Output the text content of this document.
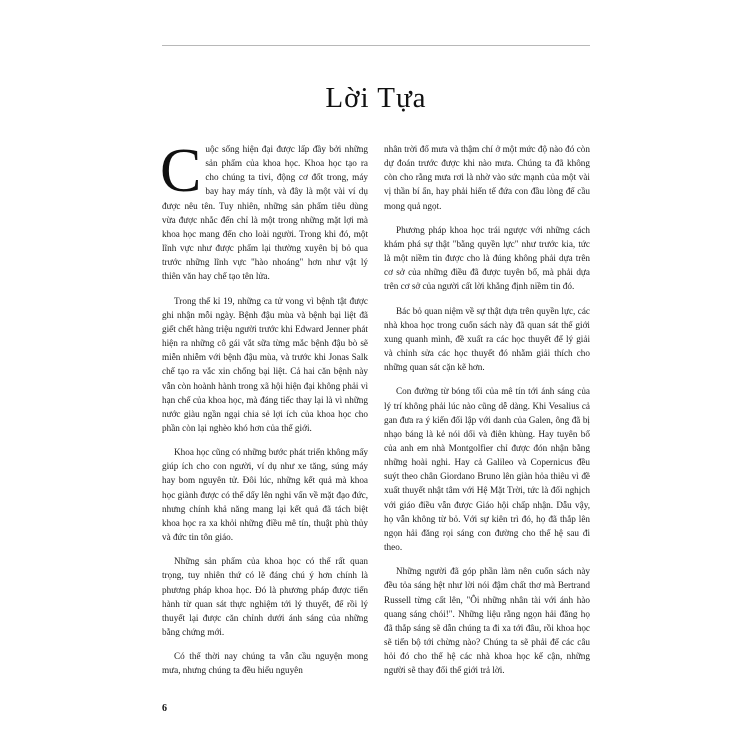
Lời Tựa

Cuộc sống hiện đại được lấp đầy bởi những sản phẩm của khoa học. Khoa học tạo ra cho chúng ta tivi, động cơ đốt trong, máy bay hay máy tính, và đây là một vài ví dụ được nêu tên. Tuy nhiên, những sản phẩm tiêu dùng vừa được nhắc đến chỉ là một trong những mặt lợi mà khoa học mang đến cho loài người. Trong khi đó, một lĩnh vực như được phẩm lại thường xuyên bị bỏ qua trước những lĩnh vực "hào nhoáng" hơn như vật lý thiên văn hay chế tạo tên lửa.

Trong thế kỉ 19, những ca tử vong vì bệnh tật được ghi nhận mỗi ngày. Bệnh đậu mùa và bệnh bại liệt đã giết chết hàng triệu người trước khi Edward Jenner phát hiện ra những cô gái vắt sữa từng mắc bệnh đậu bò sẽ miễn nhiễm với bệnh đậu mùa, và trước khi Jonas Salk chế tạo ra vắc xin chống bại liệt. Cả hai căn bệnh này vẫn còn hoành hành trong xã hội hiện đại không phải vì hạn chế của khoa học, mà đáng tiếc thay lại là vì những nước giàu ngần ngại chia sẻ lợi ích của khoa học cho phần còn lại nghèo khó hơn của thế giới.

Khoa học cũng có những bước phát triển không mấy giúp ích cho con người, ví dụ như xe tăng, súng máy hay bom nguyên tử. Đôi lúc, những kết quả mà khoa học giành được có thể dấy lên nghi vấn về mặt đạo đức, nhưng chính khả năng mang lại kết quả đã tách biệt khoa học ra xa khỏi những điều mê tín, thuật phù thủy và đức tin tôn giáo.

Những sản phẩm của khoa học có thể rất quan trọng, tuy nhiên thứ có lẽ đáng chú ý hơn chính là phương pháp khoa học. Đó là phương pháp được tiến hành từ quan sát thực nghiệm tới lý thuyết, để rồi lý thuyết lại được căn chỉnh dưới ánh sáng của những bằng chứng mới.

Có thể thời nay chúng ta vẫn cầu nguyện mong mưa, nhưng chúng ta đều hiểu nguyên

nhân trời đổ mưa và thậm chí ở một mức độ nào đó còn dự đoán trước được khi nào mưa. Chúng ta đã không còn cho rằng mưa rơi là nhờ vào sức mạnh của một vài vị thần bí ẩn, hay phải hiến tế đứa con đầu lòng để cầu mong quả ngọt.

Phương pháp khoa học trái ngược với những cách khám phá sự thật "bằng quyền lực" như trước kia, tức là một niềm tin được cho là đúng không phải dựa trên cơ sở của những điều đã được tuyên bố, mà phải dựa trên cơ sở của người cất lời khẳng định niềm tin đó.

Bác bỏ quan niệm về sự thật dựa trên quyền lực, các nhà khoa học trong cuốn sách này đã quan sát thế giới xung quanh mình, đề xuất ra các học thuyết để lý giải và chỉnh sửa các học thuyết đó nhằm giải thích cho những quan sát cặn kẽ hơn.

Con đường từ bóng tối của mê tín tới ánh sáng của lý trí không phải lúc nào cũng dễ dàng. Khi Vesalius cả gan đưa ra ý kiến đối lập với danh của Galen, ông đã bị nhạo báng là kẻ nói dối và điên khùng. Hay tuyên bố của anh em nhà Montgolfier chỉ được đón nhận bằng những hoài nghi. Hay cả Galileo và Copernicus đều suýt theo chân Giordano Bruno lên giàn hỏa thiêu vì đề xuất thuyết nhật tâm với Hệ Mặt Trời, tức là đối nghịch với giáo điều vẫn được Giáo hội chấp nhận. Dẫu vậy, họ vẫn không từ bỏ. Với sự kiên trì đó, họ đã thắp lên ngọn hải đăng rọi sáng con đường cho thế hệ sau đi theo.

Những người đã góp phần làm nên cuốn sách này đều tỏa sáng hệt như lời nói đậm chất thơ mà Bertrand Russell từng cất lên, "Ôi những nhân tài với ánh hào quang sáng chói!". Những liệu rằng ngọn hải đăng họ đã thắp sáng sẽ dẫn chúng ta đi xa tới đâu, rồi khoa học sẽ tiến bộ tới chừng nào? Chúng ta sẽ phải để các câu hỏi đó cho thế hệ các nhà khoa học kế cận, những người sẽ thay đổi thế giới trả lời.

6
